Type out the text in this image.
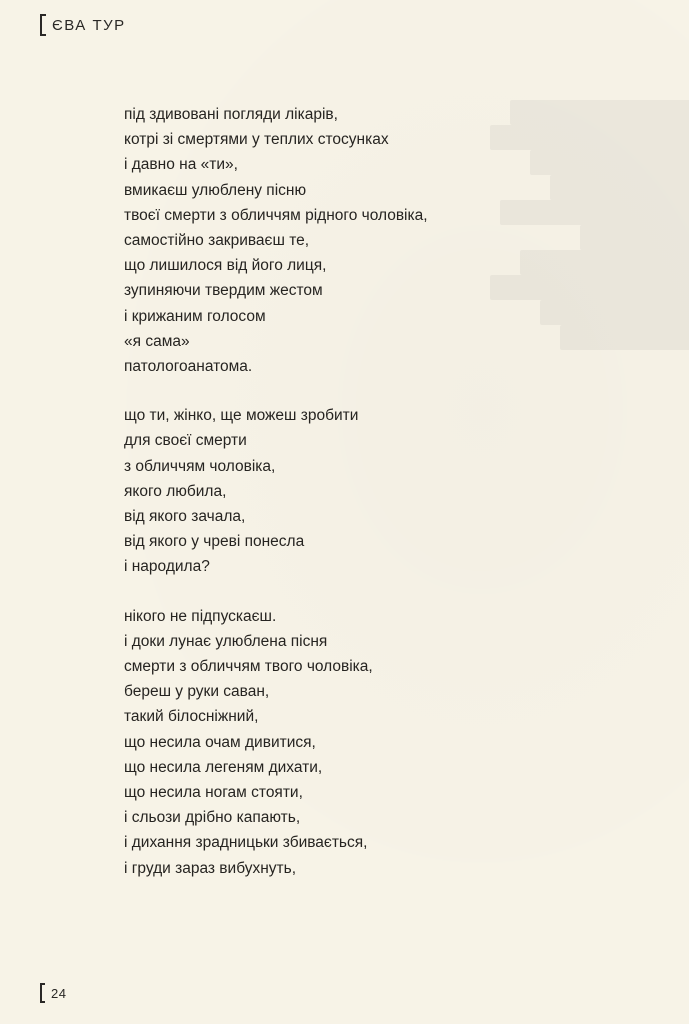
ЄВА ТУР
під здивовані погляди лікарів,
котрі зі смертями у теплих стосунках
і давно на «ти»,
вмикаєш улюблену пісню
твоєї смерти з обличчям рідного чоловіка,
самостійно закриваєш те,
що лишилося від його лиця,
зупиняючи твердим жестом
і крижаним голосом
«я сама»
патологоанатома.
що ти, жінко, ще можеш зробити
для своєї смерти
з обличчям чоловіка,
якого любила,
від якого зачала,
від якого у чреві понесла
і народила?
нікого не підпускаєш.
і доки лунає улюблена пісня
смерти з обличчям твого чоловіка,
береш у руки саван,
такий білосніжний,
що несила очам дивитися,
що несила легеням дихати,
що несила ногам стояти,
і сльози дрібно капають,
і дихання зрадницьки збивається,
і груди зараз вибухнуть,
24
